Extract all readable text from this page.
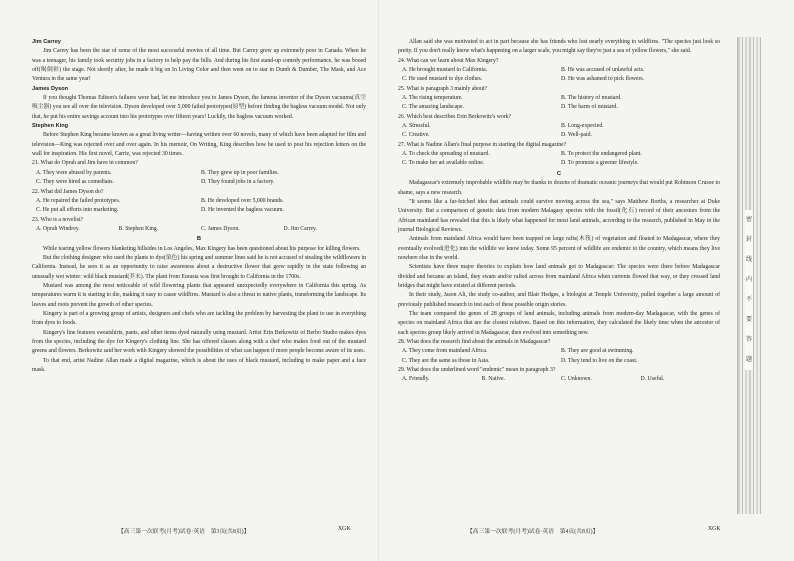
Jim Carrey

Jim Carrey has been the star of some of the most successful movies of all time. But Carrey grew up extremely poor in Canada. When he was a teenager, his family took security jobs in a factory to help pay the bills. And during his first stand-up comedy performance, he was booed off(喝倒彩) the stage. Not shortly after, he made it big on In Living Color and then went on to star in Dumb & Dumber, The Mask, and Ace Ventura in the same year!

James Dyson

If you thought Thomas Edison's failures were bad, let me introduce you to James Dyson, the famous inventor of the Dyson vacuums(真空吸尘器) you see all over the television. Dyson developed over 5,000 failed prototypes(原型) before finding the bagless vacuum model. Not only that, he put his entire savings account into his prototypes over fifteen years! Luckily, the bagless vacuum worked.

Stephen King

Before Stephen King became known as a great living writer—having written over 60 novels, many of which have been adapted for film and television—King was rejected over and over again. In his memoir, On Writing, King describes how he used to post his rejection letters on the wall for inspiration. His first novel, Carrie, was rejected 30 times.

21. What do Oprah and Jim have in common?

A. They were abused by parents.	B. They grew up in poor families.
C. They were hired as comedians.	D. They found jobs in a factory.

22. What did James Dyson do?

A. He repaired the failed prototypes.	B. He developed over 5,000 brands.
C. He put all efforts into marketing.	D. He invented the bagless vacuum.

23. Who is a novelist?

A. Oprah Windrey.	B. Stephen King.	C. James Dyson.	D. Jim Carrey.

B

While tearing yellow flowers blanketing hillsides in Los Angeles, Max Kingery has been questioned about his purpose for killing flowers.

But the clothing designer who used the plants to dye(染色) his spring and summer lines said he is not accused of stealing the wildflowers in California. Instead, he sees it as an opportunity to raise awareness about a destructive flower that grew rapidly in the state following an unusually wet winter: wild black mustard(芥末). The plant from Eurasia was first brought to California in the 1700s.

Mustard was among the most noticeable of wild flowering plants that appeared unexpectedly everywhere in California this spring. As temperatures warm it is starting to die, making it easy to cause wildfires. Mustard is also a threat to native plants, transforming the landscape. Its leaves and roots prevent the growth of other species.

Kingery is part of a growing group of artists, designers and chefs who are tackling the problem by harvesting the plant to use in everything from dyes to foods.

Kingery's line features sweatshirts, pants, and other items dyed naturally using mustard. Artist Erin Berkowitz of Berbo Studio makes dyes from the species, including the dye for Kingery's clothing line. She has offered classes along with a chef who makes food out of the mustard greens and flowers. Berkowitz said her work with Kingery showed the possibilities of what can happen if more people become aware of its uses.

To that end, artist Nadine Allan made a digital magazine, which is about the uses of black mustard, including to make paper and a face mask.

Allan said she was motivated to act in part because she has friends who lost nearly everything to wildfires. "The species just look so pretty. If you don't really know what's happening on a larger scale, you might say they're just a sea of yellow flowers," she said.

24. What can we learn about Max Kingery?

A. He brought mustard to California.	B. He was accused of unlawful acts.
C. He used mustard to dye clothes.	D. He was ashamed to pick flowers.

25. What is paragraph 3 mainly about?

A. The rising temperature.	B. The history of mustard.
C. The amazing landscape.	D. The harm of mustard.

26. Which best describes Erin Berkowitz's work?

A. Stressful.	B. Long-expected.
C. Creative.	D. Well-paid.

27. What is Nadine Allan's final purpose in starting the digital magazine?

A. To check the spreading of mustard.	B. To protect the endangered plant.
C. To make her art available online.	D. To promote a greener lifestyle.

C

Madagascar's extremely improbable wildlife may be thanks to dozens of dramatic oceanic journeys that would put Robinson Crusoe to shame, says a new research.

"It seems like a far-fetched idea that animals could survive moving across the sea," says Matthew Borths, a researcher at Duke University. But a comparison of genetic data from modern Malagasy species with the fossil(化石) record of their ancestors from the African mainland has revealed that this is likely what happened for most land animals, according to the research, published in May in the journal Biological Reviews.

Animals from mainland Africa would have been trapped on large rafts(木筏) of vegetation and floated to Madagascar, where they eventually evolved(进化) into the wildlife we know today. Some 95 percent of wildlife are endemic to the country, which means they live nowhere else in the world.

Scientists have three major theories to explain how land animals got to Madagascar: The species were there before Madagascar divided and became an island, they swam and/or rafted across from mainland Africa when currents flowed that way, or they crossed land bridges that might have existed at different periods.

In their study, Jason Ali, the study co-author, and Blair Hedges, a biologist at Temple University, pulled together a large amount of previously published research to test each of these possible origin stories.

The team compared the genes of 28 groups of land animals, including animals from modern-day Madagascar, with the genes of species on mainland Africa that are the closest relatives. Based on this information, they calculated the likely time when the ancestor of each species group likely arrived in Madagascar, then evolved into something new.

28. What does the research find about the animals in Madagascar?

A. They come from mainland Africa.	B. They are good at swimming.
C. They are the same as those in Asia.	D. They tend to live on the coast.

29. What does the underlined word "endemic" mean in paragraph 3?

A. Friendly.	B. Native.	C. Unknown.	D. Useful.
【高三第一次联考(月考)试卷·英语　第3页(共8页)】	XGK	【高三第一次联考(月考)试卷·英语　第4页(共8页)】	XGK
密
封
线
内
不
要
答
题
